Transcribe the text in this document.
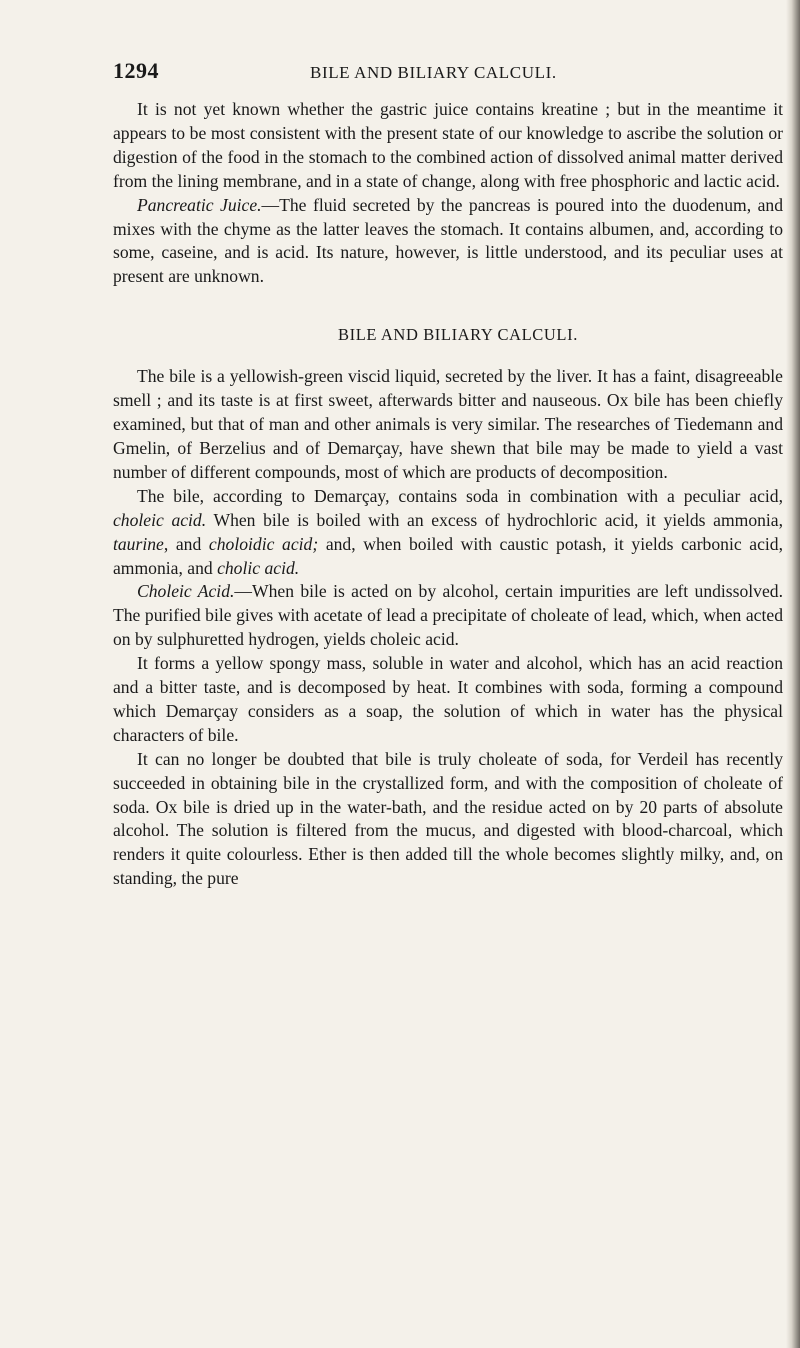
1294	BILE AND BILIARY CALCULI.

It is not yet known whether the gastric juice contains kreatine ; but in the meantime it appears to be most consistent with the present state of our knowledge to ascribe the solution or digestion of the food in the stomach to the combined action of dissolved animal matter derived from the lining membrane, and in a state of change, along with free phosphoric and lactic acid.

Pancreatic Juice.—The fluid secreted by the pancreas is poured into the duodenum, and mixes with the chyme as the latter leaves the stomach. It contains albumen, and, according to some, caseine, and is acid. Its nature, however, is little understood, and its peculiar uses at present are unknown.

BILE AND BILIARY CALCULI.

The bile is a yellowish-green viscid liquid, secreted by the liver. It has a faint, disagreeable smell ; and its taste is at first sweet, afterwards bitter and nauseous. Ox bile has been chiefly examined, but that of man and other animals is very similar. The researches of Tiedemann and Gmelin, of Berzelius and of Demarçay, have shewn that bile may be made to yield a vast number of different compounds, most of which are products of decomposition.

The bile, according to Demarçay, contains soda in combination with a peculiar acid, choleic acid. When bile is boiled with an excess of hydrochloric acid, it yields ammonia, taurine, and choloidic acid; and, when boiled with caustic potash, it yields carbonic acid, ammonia, and cholic acid.

Choleic Acid.—When bile is acted on by alcohol, certain impurities are left undissolved. The purified bile gives with acetate of lead a precipitate of choleate of lead, which, when acted on by sulphuretted hydrogen, yields choleic acid.

It forms a yellow spongy mass, soluble in water and alcohol, which has an acid reaction and a bitter taste, and is decomposed by heat. It combines with soda, forming a compound which Demarçay considers as a soap, the solution of which in water has the physical characters of bile.

It can no longer be doubted that bile is truly choleate of soda, for Verdeil has recently succeeded in obtaining bile in the crystallized form, and with the composition of choleate of soda. Ox bile is dried up in the water-bath, and the residue acted on by 20 parts of absolute alcohol. The solution is filtered from the mucus, and digested with blood-charcoal, which renders it quite colourless. Ether is then added till the whole becomes slightly milky, and, on standing, the pure
